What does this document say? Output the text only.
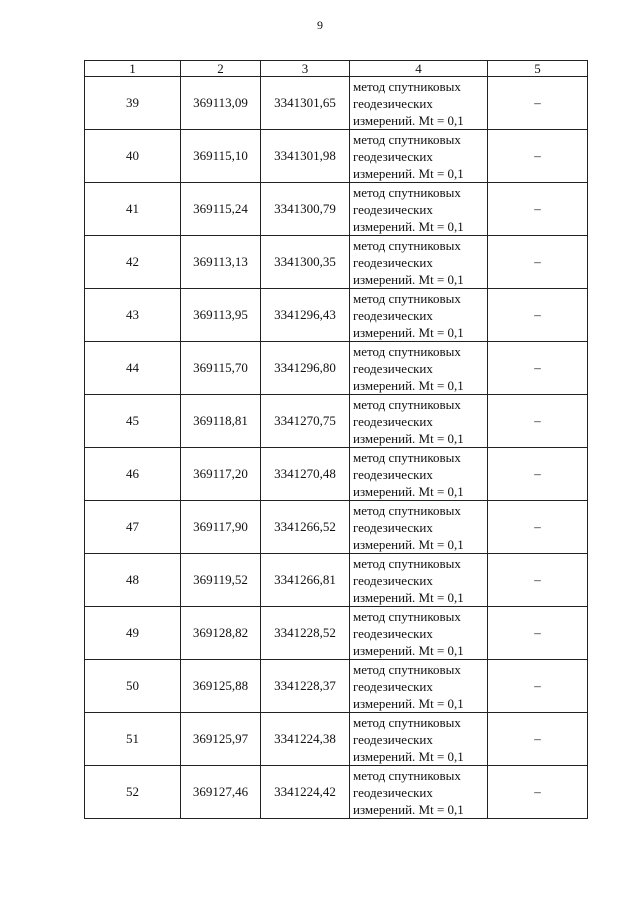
9
1	2	3	4	5
39	369113,09	3341301,65	метод спутниковых
геодезических
измерений. Mt = 0,1	–
40	369115,10	3341301,98	метод спутниковых
геодезических
измерений. Mt = 0,1	–
41	369115,24	3341300,79	метод спутниковых
геодезических
измерений. Mt = 0,1	–
42	369113,13	3341300,35	метод спутниковых
геодезических
измерений. Mt = 0,1	–
43	369113,95	3341296,43	метод спутниковых
геодезических
измерений. Mt = 0,1	–
44	369115,70	3341296,80	метод спутниковых
геодезических
измерений. Mt = 0,1	–
45	369118,81	3341270,75	метод спутниковых
геодезических
измерений. Mt = 0,1	–
46	369117,20	3341270,48	метод спутниковых
геодезических
измерений. Mt = 0,1	–
47	369117,90	3341266,52	метод спутниковых
геодезических
измерений. Mt = 0,1	–
48	369119,52	3341266,81	метод спутниковых
геодезических
измерений. Mt = 0,1	–
49	369128,82	3341228,52	метод спутниковых
геодезических
измерений. Mt = 0,1	–
50	369125,88	3341228,37	метод спутниковых
геодезических
измерений. Mt = 0,1	–
51	369125,97	3341224,38	метод спутниковых
геодезических
измерений. Mt = 0,1	–
52	369127,46	3341224,42	метод спутниковых
геодезических
измерений. Mt = 0,1	–
